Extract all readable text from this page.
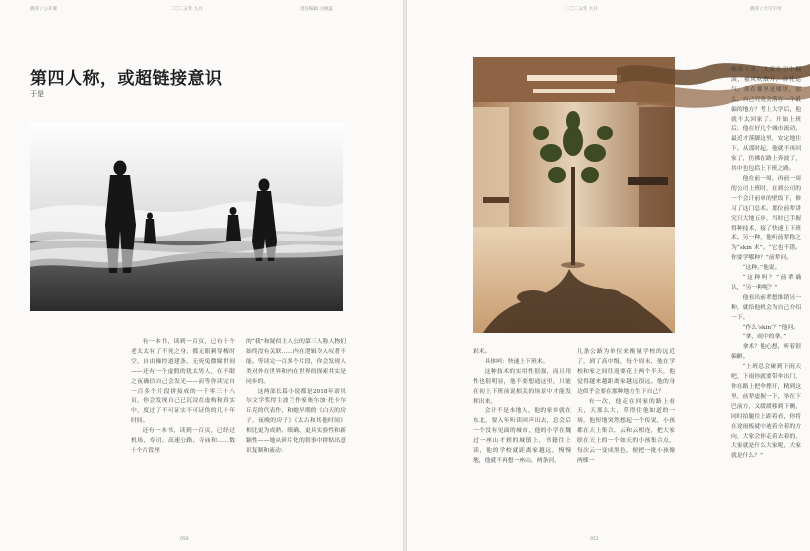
晓芽 / 公开课	二〇二五年 九月	责任编辑 习俊蕊
第四人称，或超链接意识
于是

有一本书，读到一百页，已有十个老太太有了不死之身，都无眼刺穿梭时空，自由操控道建条，无死兔微瞳世间——还有一个虚假的犹太男人，在不眠之夜确信自己会发光——而等你读完自一百多个片段拼接成的一千零三十八页，你会发现自己已沉浸在虚构和真实中，度过了不可证实不可证伪的几十年时间。

还有一本书，读到一百页，已经过机场、寿司、高速公路、寺庙和……数十个片段里

的“我”和疑似主人公的第三人称人物们始终没有关联……内在逻辑令人叹著不能。等读完一百多个片段，你会发现人类对外在世界和内在世界的探索其实是同步的。

这两部长篇小说都是2018年诺贝尔文学奖得主波兰作家奥尔加·托卡尔丘克的代表作，和她早期的《白天的房子，夜晚的房子》《太古和其他时间》相比更为成熟、缜确、更具实验性和新颖性——她从碎片化的叙事中拼贴出意识复制和流动：

050
二〇二五年 九月	晓芽 / 大写字母

梯落下来，大家在空中翻滚，被风吹散开，各凭运气，落在哪里是哪里，那么，自己究竟会落在一个最偏的地方？考上大学后，他就不太回家了。开始上班后，他在好几个城市流动，最近才落脚这里，安定地住下。从那时起，他就不再回家了，仿佛在路上奔波了，其中也包括上下班之路。

他在前一周，再前一周的公司上班时，在到公司的一个会计前单的壁饭下，修习了这门总术。那位前辈讲究只大地五步，当时已手握得种技术，接了快速上下班术。另一种，他听前辈称之为“skin 术”。“它也不错。你要学哪种？”前辈问。

“这种。”他说。

“这种吗？”前辈确认，“另一种呢？”

他看出前辈想推销另一种，就给他机会为自己介绍一下。

“作么‘skin’？”他问。

“拿，雨中的拿。”

拿术？他心想，听着很偏僻。

“上班总会碰到下雨天吧，下雨你就要带伞出门，你在路上把伞撑开，精到这里，前辈虚握一下，举在下巴前方，又缓缓移到下侧，同时拍腿往上距着看，你将在途雨板就中迪着全着的方向，大家会你走着去着的，大家就是什么大家呢，大家就是什么？”

彩术。

具体呵：快速上下班术。

这种技术的实用性很强，而且用性也很明显，他不要想通这里，只能在初上下班前说相关的场景中才能发挥出来。

会计不是本地人，他的家乡就在东北，要入年听读回声出去，总会后一个没有见面的城市，他的小学在魏过一座山才到的城镇上，书籍往上读，他的学校就距离家越远，慢慢地，他就不再想一座山，两条河，

几条公路为单位来衡量学校的远近了，到了高中级，每个周末，他在学校和家之间往返要花上两个半天，他觉得越来越距离家越远很远。他的身边似乎会要在那种地方生下自己？

有一次，他走在回家的路上看天，天那么大，草得住他如道的一场，他短地突然想起一个传说，小孩都在天上集合，云和云相连，把大家联在天上的一个如天的小孩集合点，每次云一变成黑色，便把一批小孩像两棵一

051
